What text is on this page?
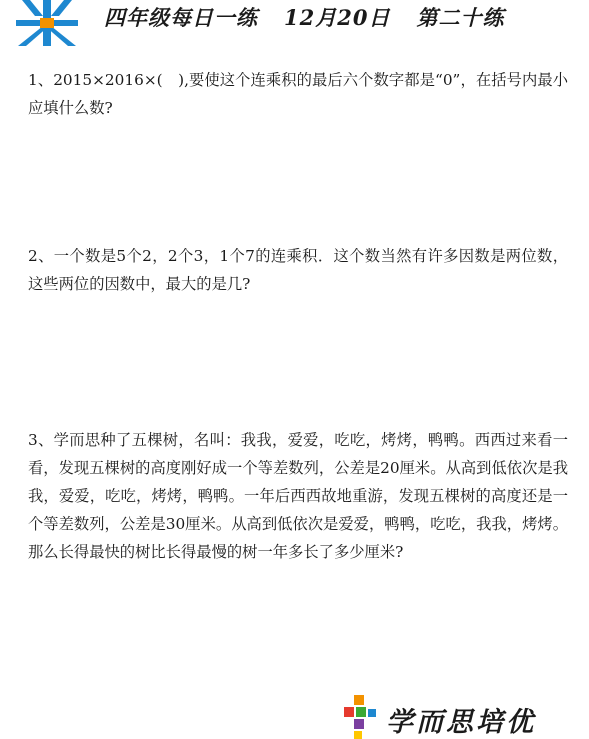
四年级每日一练 12月20日 第二十练
1、2015×2016×(　),要使这个连乘积的最后六个数字都是“0”，在括号内最小应填什么数?
2、一个数是5个2，2个3，1个7的连乘积．这个数当然有许多因数是两位数，这些两位的因数中，最大的是几?
3、学而思种了五棵树，名叫：我我，爱爱，吃吃，烤烤，鸭鸭。西西过来看一看，发现五棵树的高度刚好成一个等差数列，公差是20厘米。从高到低依次是我我，爱爱，吃吃，烤烤，鸭鸭。一年后西西故地重游，发现五棵树的高度还是一个等差数列，公差是30厘米。从高到低依次是爱爱，鸭鸭，吃吃，我我，烤烤。那么长得最快的树比长得最慢的树一年多长了多少厘米?
学而思培优
